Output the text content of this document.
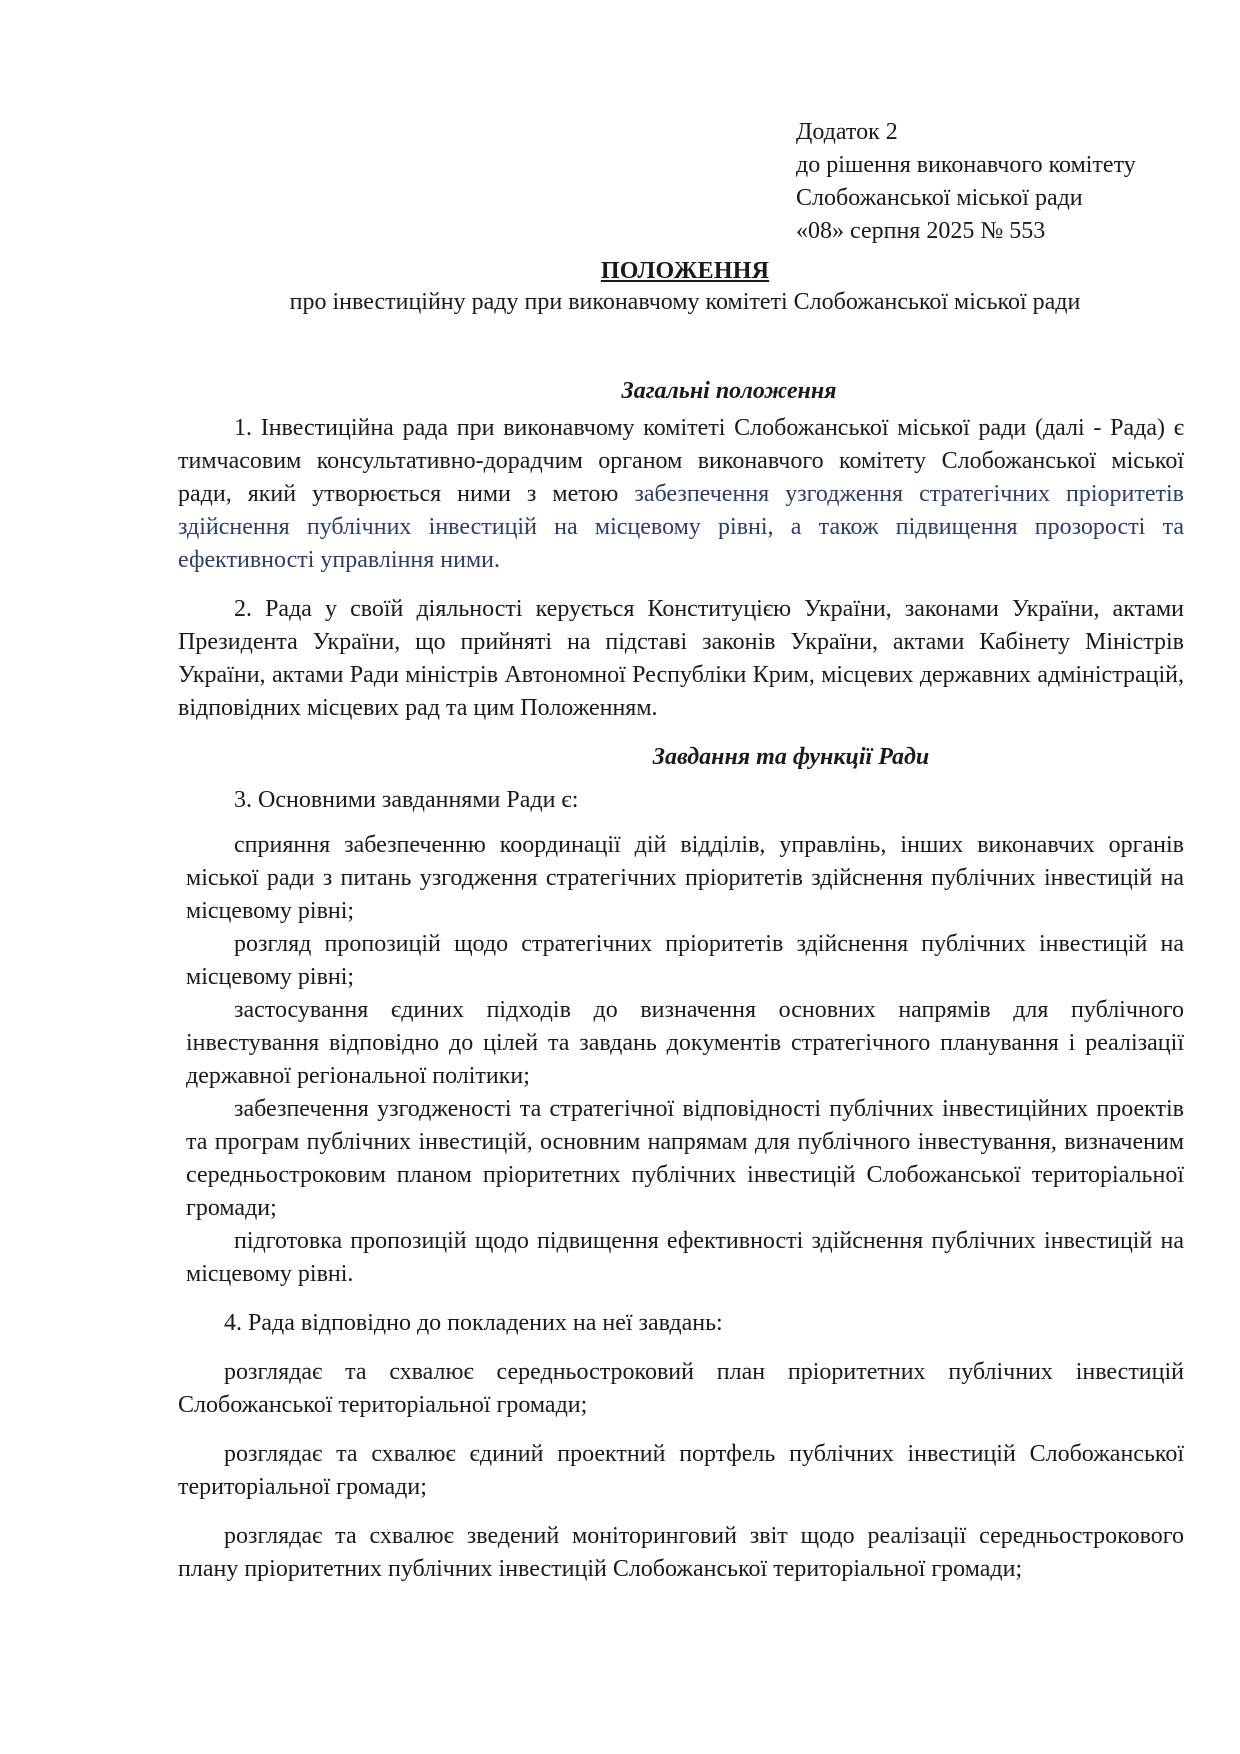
Додаток 2
до рішення виконавчого комітету
Слобожанської міської ради
«08» серпня 2025 № 553
ПОЛОЖЕННЯ
про інвестиційну раду при виконавчому комітеті Слобожанської міської ради
Загальні положення

1. Інвестиційна рада при виконавчому комітеті Слобожанської міської ради (далі - Рада) є тимчасовим консультативно-дорадчим органом виконавчого комітету Слобожанської міської ради, який утворюється ними з метою забезпечення узгодження стратегічних пріоритетів здійснення публічних інвестицій на місцевому рівні, а також підвищення прозорості та ефективності управління ними.

2. Рада у своїй діяльності керується Конституцією України, законами України, актами Президента України, що прийняті на підставі законів України, актами Кабінету Міністрів України, актами Ради міністрів Автономної Республіки Крим, місцевих державних адміністрацій, відповідних місцевих рад та цим Положенням.

Завдання та функції Ради

3. Основними завданнями Ради є:

сприяння забезпеченню координації дій відділів, управлінь, інших виконавчих органів міської ради з питань узгодження стратегічних пріоритетів здійснення публічних інвестицій на місцевому рівні;

розгляд пропозицій щодо стратегічних пріоритетів здійснення публічних інвестицій на місцевому рівні;

застосування єдиних підходів до визначення основних напрямів для публічного інвестування відповідно до цілей та завдань документів стратегічного планування і реалізації державної регіональної політики;

забезпечення узгодженості та стратегічної відповідності публічних інвестиційних проектів та програм публічних інвестицій, основним напрямам для публічного інвестування, визначеним середньостроковим планом пріоритетних публічних інвестицій Слобожанської територіальної громади;

підготовка пропозицій щодо підвищення ефективності здійснення публічних інвестицій на місцевому рівні.

4. Рада відповідно до покладених на неї завдань:

розглядає та схвалює середньостроковий план пріоритетних публічних інвестицій Слобожанської територіальної громади;

розглядає та схвалює єдиний проектний портфель публічних інвестицій Слобожанської територіальної громади;

розглядає та схвалює зведений моніторинговий звіт щодо реалізації середньострокового плану пріоритетних публічних інвестицій Слобожанської територіальної громади;
